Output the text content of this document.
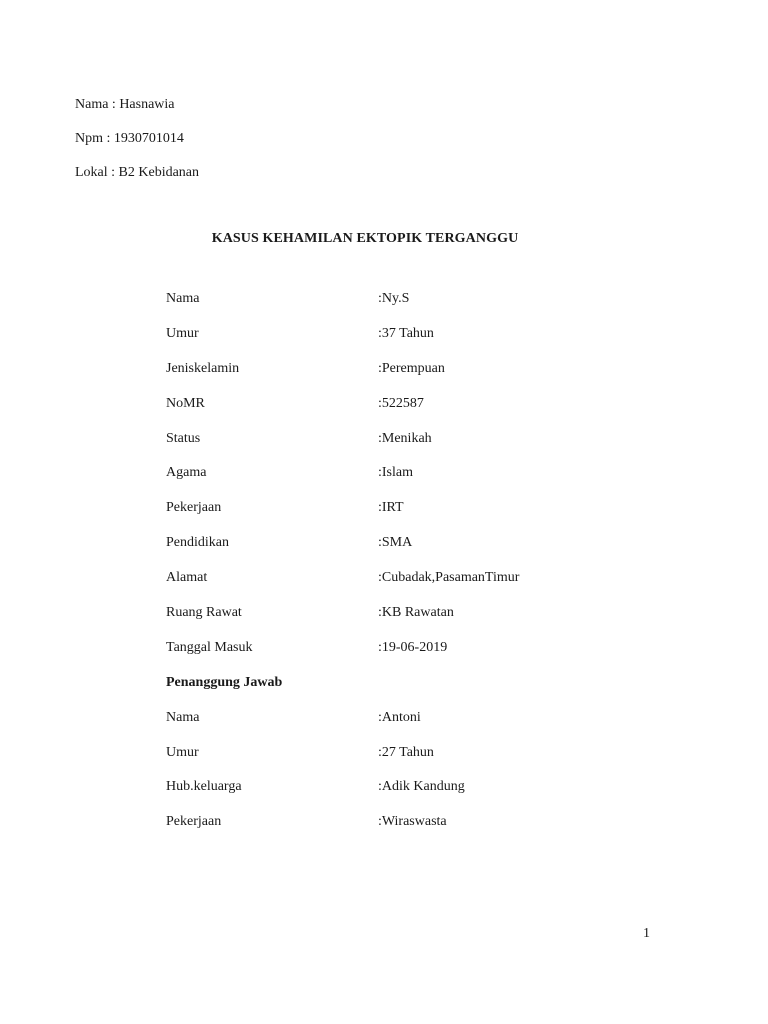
Nama : Hasnawia
Npm : 1930701014
Lokal : B2 Kebidanan
KASUS KEHAMILAN EKTOPIK TERGANGGU
Nama	:Ny.S
Umur	:37 Tahun
Jeniskelamin	:Perempuan
NoMR	:522587
Status	:Menikah
Agama	:Islam
Pekerjaan	:IRT
Pendidikan	:SMA
Alamat	:Cubadak,PasamanTimur
Ruang Rawat	:KB Rawatan
Tanggal Masuk	:19-06-2019
Penanggung Jawab
Nama	:Antoni
Umur	:27 Tahun
Hub.keluarga	:Adik Kandung
Pekerjaan	:Wiraswasta
1
